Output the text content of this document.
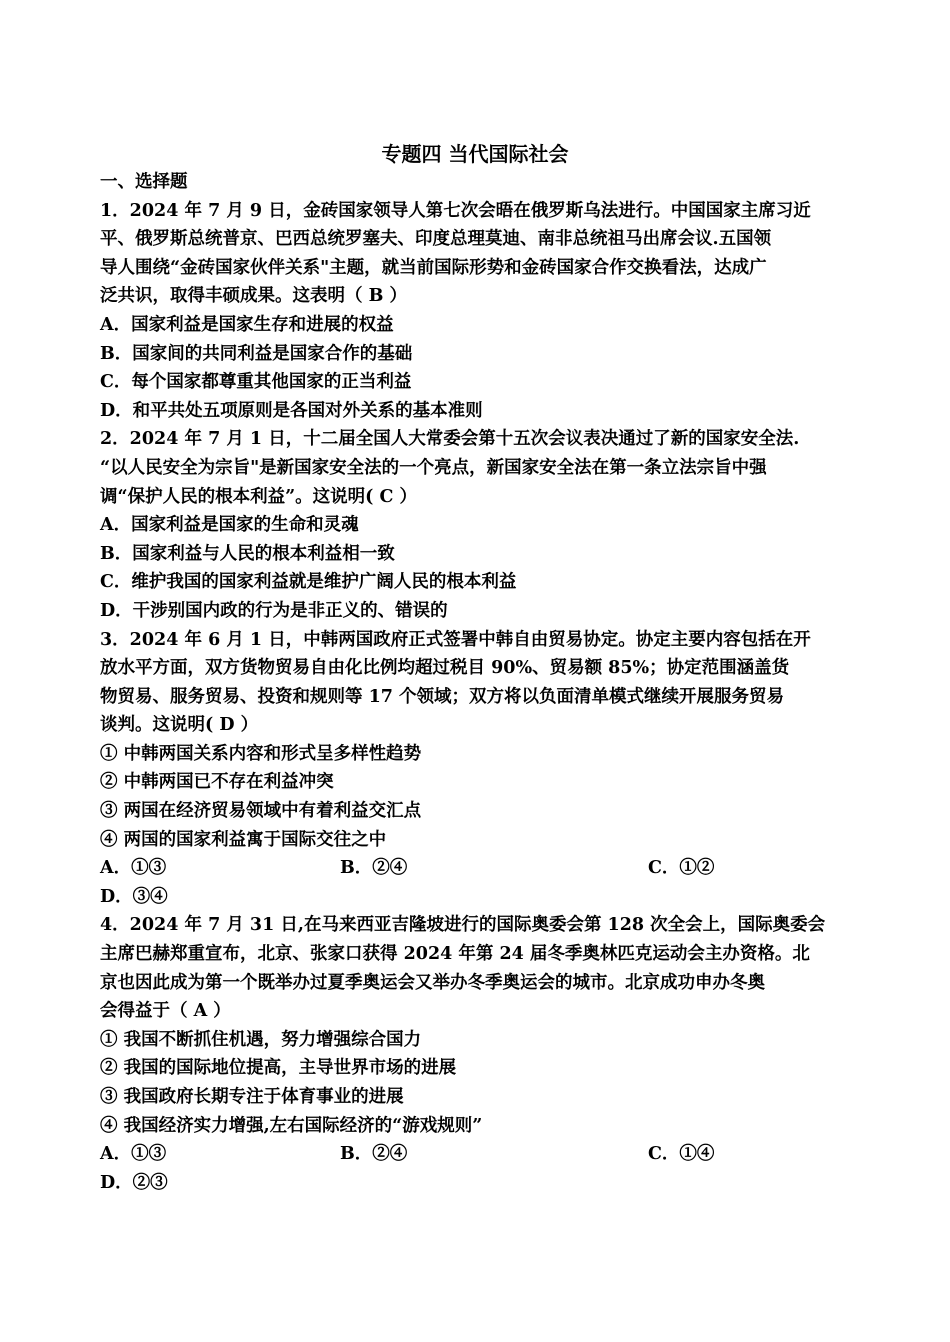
专题四 当代国际社会
一、选择题
1．2024 年 7 月 9 日，金砖国家领导人第七次会晤在俄罗斯乌法进行。中国国家主席习近
平、俄罗斯总统普京、巴西总统罗塞夫、印度总理莫迪、南非总统祖马出席会议.五国领
导人围绕“金砖国家伙伴关系"主题，就当前国际形势和金砖国家合作交换看法，达成广
泛共识，取得丰硕成果。这表明（ B ）
A．国家利益是国家生存和进展的权益
B．国家间的共同利益是国家合作的基础
C．每个国家都尊重其他国家的正当利益
D．和平共处五项原则是各国对外关系的基本准则
2．2024 年 7 月 1 日，十二届全国人大常委会第十五次会议表决通过了新的国家安全法.
“以人民安全为宗旨"是新国家安全法的一个亮点，新国家安全法在第一条立法宗旨中强
调“保护人民的根本利益”。这说明( C ）
A．国家利益是国家的生命和灵魂
B．国家利益与人民的根本利益相一致
C．维护我国的国家利益就是维护广阔人民的根本利益
D．干涉别国内政的行为是非正义的、错误的
3．2024 年 6 月 1 日，中韩两国政府正式签署中韩自由贸易协定。协定主要内容包括在开
放水平方面，双方货物贸易自由化比例均超过税目 90%、贸易额 85%；协定范围涵盖货
物贸易、服务贸易、投资和规则等 17 个领域；双方将以负面清单模式继续开展服务贸易
谈判。这说明( D ）
① 中韩两国关系内容和形式呈多样性趋势
② 中韩两国已不存在利益冲突
③ 两国在经济贸易领域中有着利益交汇点
④ 两国的国家利益寓于国际交往之中
A．①③	B．②④	C．①②
D．③④
4．2024 年 7 月 31 日,在马来西亚吉隆坡进行的国际奥委会第 128 次全会上，国际奥委会
主席巴赫郑重宣布，北京、张家口获得 2024 年第 24 届冬季奥林匹克运动会主办资格。北
京也因此成为第一个既举办过夏季奥运会又举办冬季奥运会的城市。北京成功申办冬奥
会得益于（ A ）
① 我国不断抓住机遇，努力增强综合国力
② 我国的国际地位提高，主导世界市场的进展
③ 我国政府长期专注于体育事业的进展
④ 我国经济实力增强,左右国际经济的“游戏规则”
A．①③	B．②④	C．①④
D．②③
